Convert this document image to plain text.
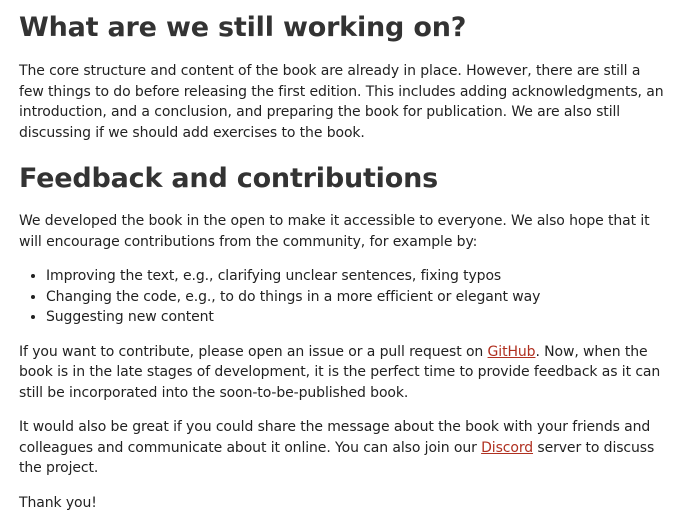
What are we still working on?

The core structure and content of the book are already in place. However, there are still a few things to do before releasing the first edition. This includes adding acknowledgments, an introduction, and a conclusion, and preparing the book for publication. We are also still discussing if we should add exercises to the book.

Feedback and contributions

We developed the book in the open to make it accessible to everyone. We also hope that it will encourage contributions from the community, for example by:

• Improving the text, e.g., clarifying unclear sentences, fixing typos
• Changing the code, e.g., to do things in a more efficient or elegant way
• Suggesting new content

If you want to contribute, please open an issue or a pull request on GitHub. Now, when the book is in the late stages of development, it is the perfect time to provide feedback as it can still be incorporated into the soon-to-be-published book.

It would also be great if you could share the message about the book with your friends and colleagues and communicate about it online. You can also join our Discord server to discuss the project.

Thank you!
